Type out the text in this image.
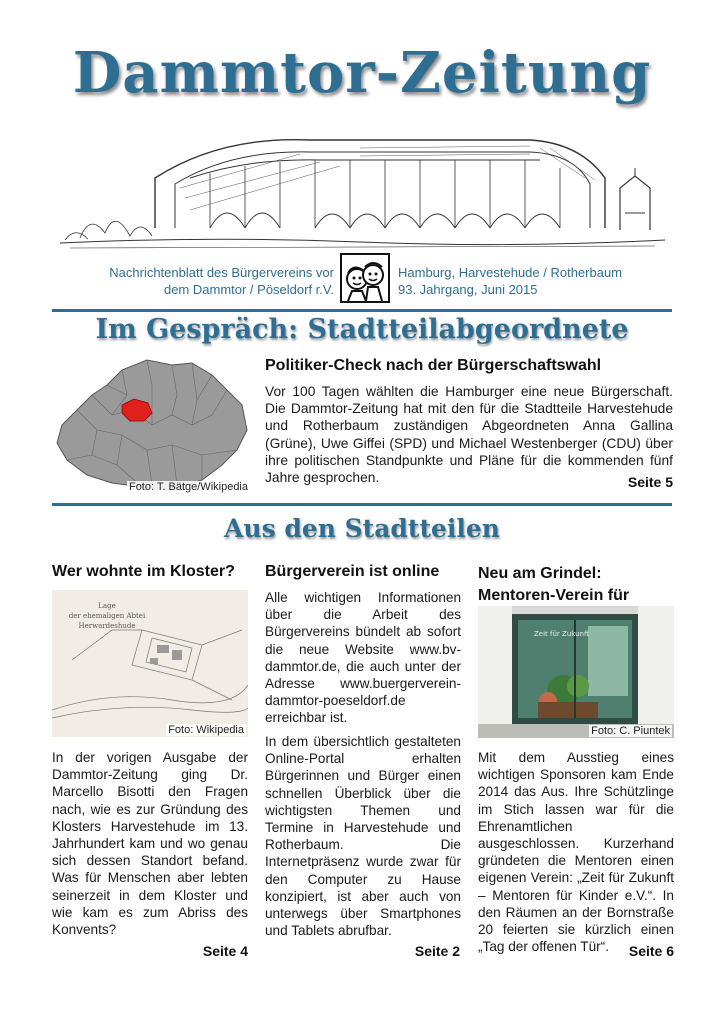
Dammtor-Zeitung
Nachrichtenblatt des Bürgervereins vor
dem Dammtor / Pöseldorf r.V.
Hamburg, Harvestehude / Rotherbaum
93. Jahrgang, Juni 2015
Im Gespräch: Stadtteilabgeordnete
Foto: T. Bätge/Wikipedia
Politiker-Check nach der Bürgerschaftswahl
Vor 100 Tagen wählten die Hamburger eine neue Bürgerschaft. Die Dammtor-Zeitung hat mit den für die Stadtteile Harvestehude und Rotherbaum zuständigen Abgeordneten Anna Gallina (Grüne), Uwe Giffei (SPD) und Michael Westenberger (CDU) über ihre politischen Standpunkte und Pläne für die kommenden fünf Jahre gesprochen.	Seite 5
Aus den Stadtteilen
Wer wohnte im Kloster?
Lage
der ehemaligen Abtei
Herwardeshude
Foto: Wikipedia
In der vorigen Ausgabe der Dammtor-Zeitung ging Dr. Marcello Bisotti den Fragen nach, wie es zur Gründung des Klosters Harvestehude im 13. Jahrhundert kam und wo genau sich dessen Standort befand. Was für Menschen aber lebten seinerzeit in dem Kloster und wie kam es zum Abriss des Konvents?
Seite 4
Bürgerverein ist online
Alle wichtigen Informationen über die Arbeit des Bürgervereins bündelt ab sofort die neue Website www.bv-dammtor.de, die auch unter der Adresse www.buergerverein-dammtor-poeseldorf.de erreichbar ist.
In dem übersichtlich gestalteten Online-Portal erhalten Bürgerinnen und Bürger einen schnellen Überblick über die wichtigsten Themen und Termine in Harvestehude und Rotherbaum. Die Internetpräsenz wurde zwar für den Computer zu Hause konzipiert, ist aber auch von unterwegs über Smartphones und Tablets abrufbar.
Seite 2
Neu am Grindel:
Mentoren-Verein für
Zeit für Zukunft
Foto: C. Piuntek
Mit dem Ausstieg eines wichtigen Sponsoren kam Ende 2014 das Aus. Ihre Schützlinge im Stich lassen war für die Ehrenamtlichen ausgeschlossen. Kurzerhand gründeten die Mentoren einen eigenen Verein: „Zeit für Zukunft – Mentoren für Kinder e.V.“. In den Räumen an der Bornstraße 20 feierten sie kürzlich einen „Tag der offenen Tür“.	Seite 6
